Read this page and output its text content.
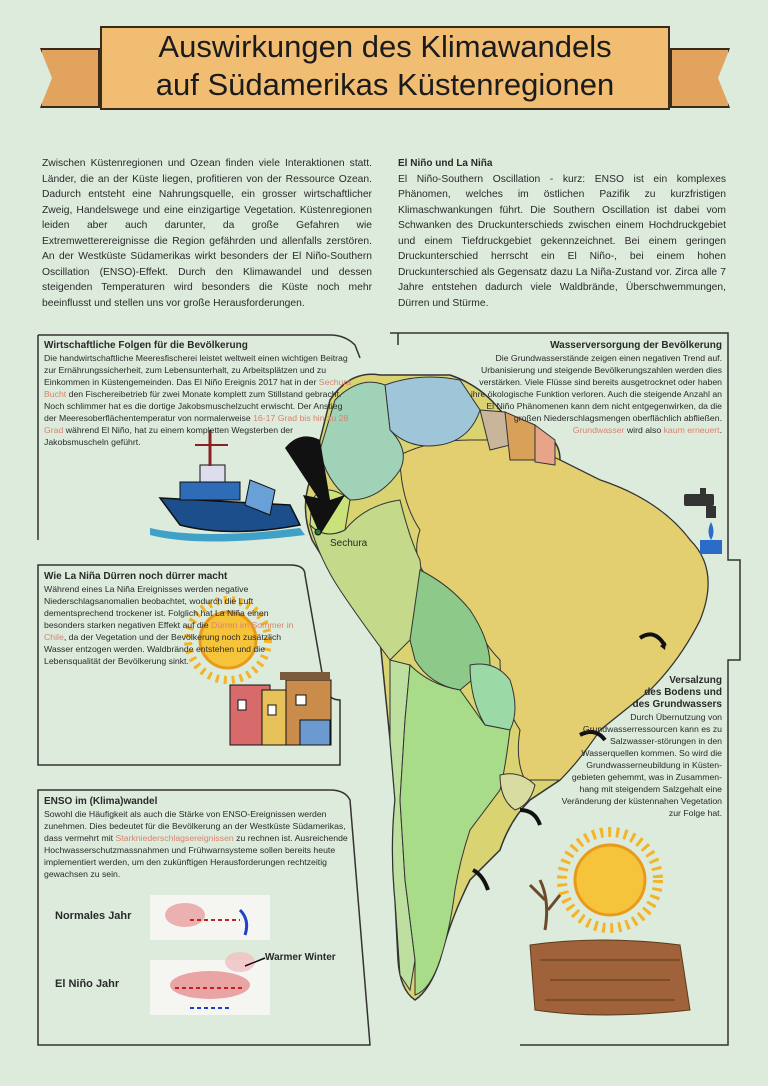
Auswirkungen des Klimawandels
auf Südamerikas Küstenregionen
Zwischen Küstenregionen und Ozean finden viele Interaktionen statt. Länder, die an der Küste liegen, profitieren von der Ressource Ozean. Dadurch entsteht eine Nahrungsquelle, ein grosser wirtschaftlicher Zweig, Handelswege und eine einzigartige Vegetation. Küstenregionen leiden aber auch darunter, da große Gefahren wie Extremwetterereignisse die Region gefährden und allenfalls zerstören. An der Westküste Südamerikas wirkt besonders der El Niño-Southern Oscillation (ENSO)-Effekt. Durch den Klimawandel und dessen steigenden Temperaturen wird besonders die Küste noch mehr beeinflusst und stellen uns vor große Herausforderungen.
El Niño und La Niña
El Niño-Southern Oscillation - kurz: ENSO ist ein komplexes Phänomen, welches im östlichen Pazifik zu kurzfristigen Klimaschwankungen führt. Die Southern Oscillation ist dabei vom Schwanken des Druckunterschieds zwischen einem Hochdruckgebiet und einem Tiefdruckgebiet gekennzeichnet. Bei einem geringen Druckunterschied herrscht ein El Niño-, bei einem hohen Druckunterschied als Gegensatz dazu La Niña-Zustand vor. Zirca alle 7 Jahre entstehen dadurch viele Waldbrände, Überschwemmungen, Dürren und Stürme.
Wirtschaftliche Folgen für die Bevölkerung

Die handwirtschaftliche Meeresfischerei leistet weltweit einen wichtigen Beitrag zur Ernährungssicherheit, zum Lebensunterhalt, zu Arbeitsplätzen und zu Einkommen in Küstengemeinden. Das El Niño Ereignis 2017 hat in der Sechura Bucht den Fischereibetrieb für zwei Monate komplett zum Stillstand gebracht. Noch schlimmer hat es die dortige Jakobsmuschelzucht erwischt. Der Anstieg der Meeresoberflächentemperatur von normalerweise 16-17 Grad bis hin zu 28 Grad während El Niño, hat zu einem kompletten Wegsterben der Jakobsmuscheln geführt.

Wasserversorgung der Bevölkerung

Die Grundwasserstände zeigen einen negativen Trend auf. Urbanisierung und steigende Bevölkerungszahlen werden dies verstärken. Viele Flüsse sind bereits ausgetrocknet oder haben ihre ökologische Funktion verloren. Auch die steigende Anzahl an El Niño Phänomenen kann dem nicht entgegenwirken, da die großen Niederschlagsmengen oberflächlich abfließen. Grundwasser wird also kaum erneuert.

Wie La Niña Dürren noch dürrer macht

Während eines La Niña Ereignisses werden negative Niederschlagsanomalien beobachtet, wodurch die Luft dementsprechend trockener ist. Folglich hat La Niña einen besonders starken negativen Effekt auf die Dürren im Sommer in Chile, da der Vegetation und der Bevölkerung noch zusätzlich Wasser entzogen werden. Waldbrände entstehen und die Lebensqualität der Bevölkerung sinkt.

Versalzung
des Bodens und
des Grundwassers

Durch Übernutzung von Grundwasserressourcen kann es zu Salzwasser-störungen in den Wasserquellen kommen. So wird die Grundwasserneubildung in Küsten-gebieten gehemmt, was in Zusammen-hang mit steigendem Salzgehalt eine Veränderung der küstennahen Vegetation zur Folge hat.

ENSO im (Klima)wandel

Sowohl die Häufigkeit als auch die Stärke von ENSO-Ereignissen werden zunehmen. Dies bedeutet für die Bevölkerung an der Westküste Südamerikas, dass vermehrt mit Starkniederschlagsereignissen zu rechnen ist. Ausreichende Hochwasserschutzmassnahmen und Frühwarnsysteme sollen bereits heute implementiert werden, um den zukünftigen Herausforderungen rechtzeitig gewachsen zu sein.

Sechura
Normales Jahr
El Niño Jahr
Warmer Winter
